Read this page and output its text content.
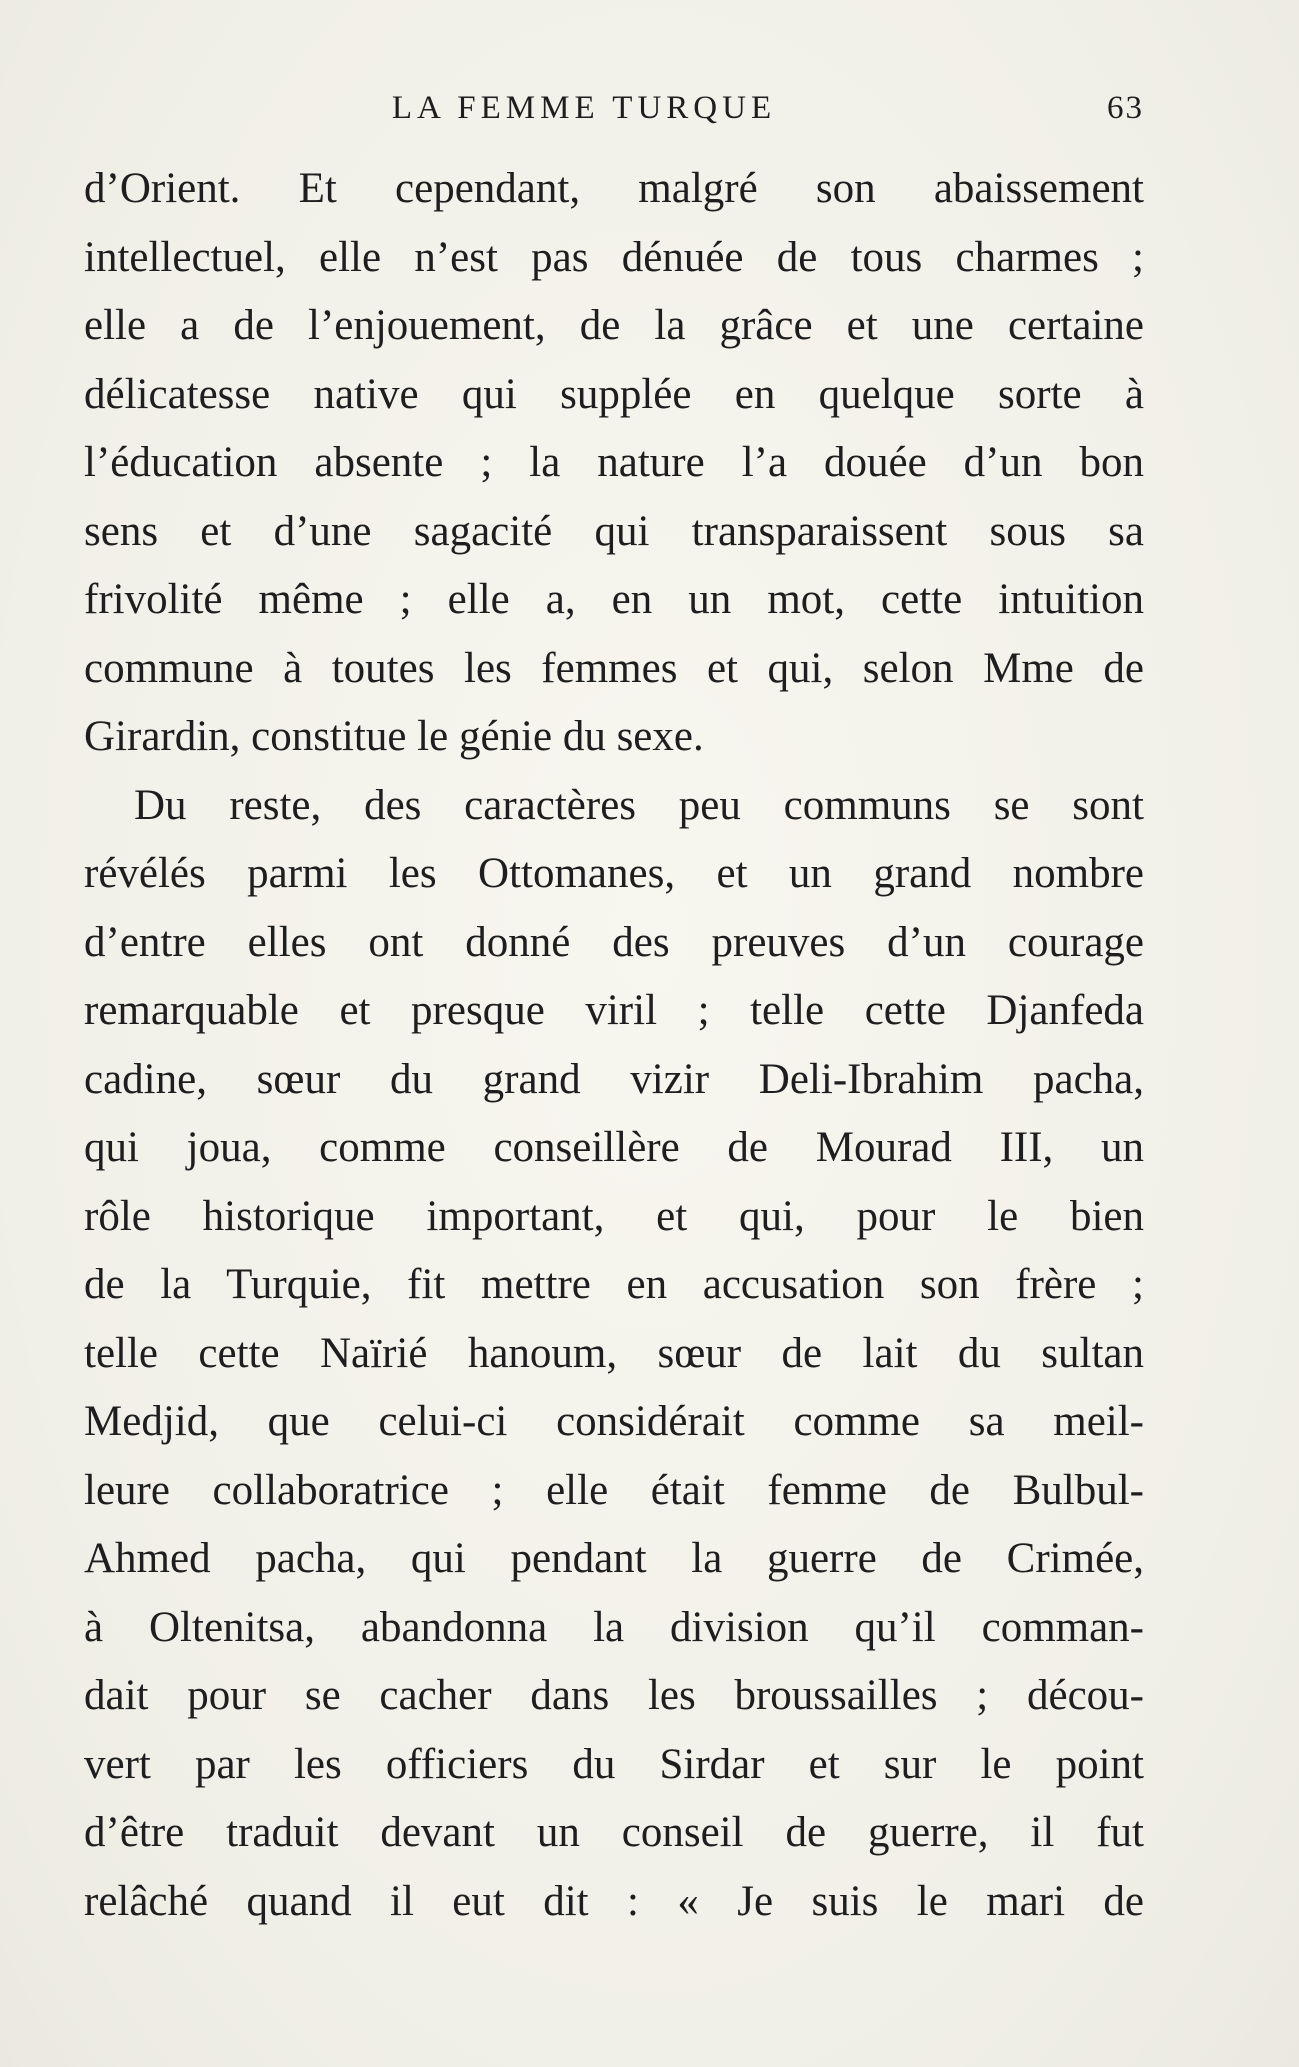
LA FEMME TURQUE	63
d’Orient. Et cependant, malgré son abaissement
intellectuel, elle n’est pas dénuée de tous charmes ;
elle a de l’enjouement, de la grâce et une certaine
délicatesse native qui supplée en quelque sorte à
l’éducation absente ; la nature l’a douée d’un bon
sens et d’une sagacité qui transparaissent sous sa
frivolité même ; elle a, en un mot, cette intuition
commune à toutes les femmes et qui, selon Mme de
Girardin, constitue le génie du sexe.
Du reste, des caractères peu communs se sont
révélés parmi les Ottomanes, et un grand nombre
d’entre elles ont donné des preuves d’un courage
remarquable et presque viril ; telle cette Djanfeda
cadine, sœur du grand vizir Deli-Ibrahim pacha,
qui joua, comme conseillère de Mourad III, un
rôle historique important, et qui, pour le bien
de la Turquie, fit mettre en accusation son frère ;
telle cette Naïrié hanoum, sœur de lait du sultan
Medjid, que celui-ci considérait comme sa meil-
leure collaboratrice ; elle était femme de Bulbul-
Ahmed pacha, qui pendant la guerre de Crimée,
à Oltenitsa, abandonna la division qu’il comman-
dait pour se cacher dans les broussailles ; décou-
vert par les officiers du Sirdar et sur le point
d’être traduit devant un conseil de guerre, il fut
relâché quand il eut dit : « Je suis le mari de
